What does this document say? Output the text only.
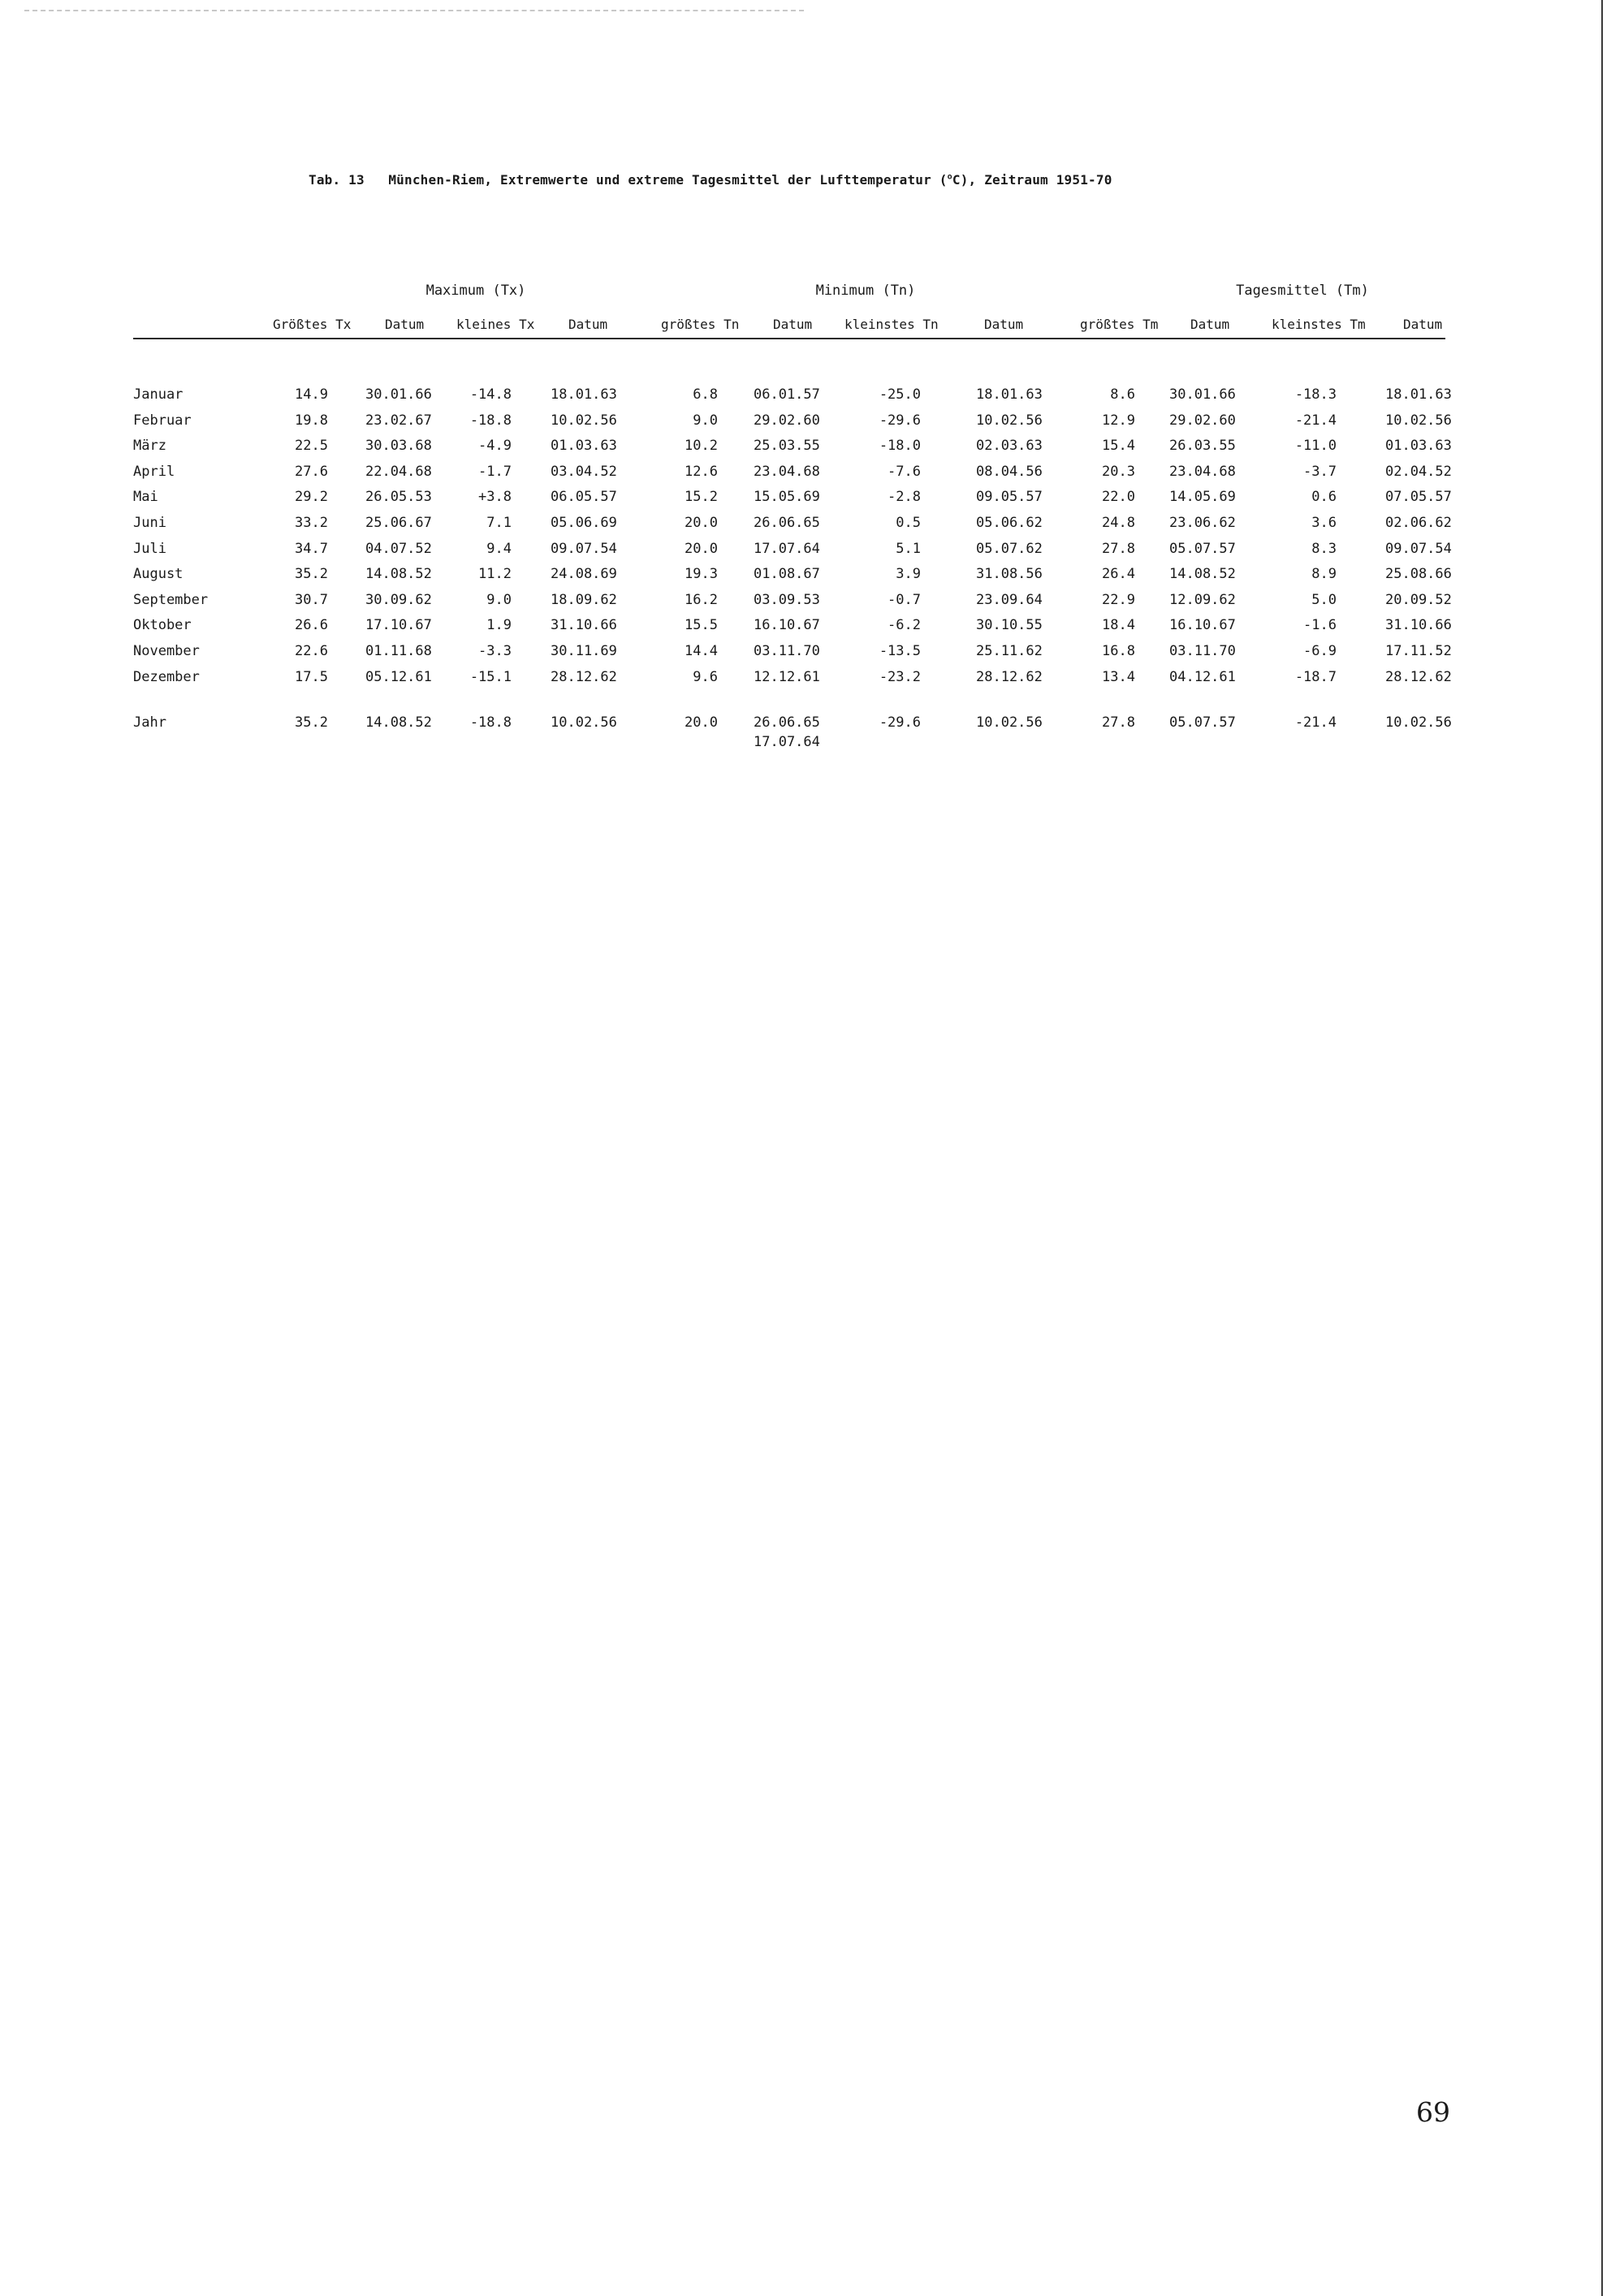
Tab. 13 München-Riem, Extremwerte und extreme Tagesmittel der Lufttemperatur ($^o$C), Zeitraum 1951-70
Maximum (Tx)	Minimum (Tn)	Tagesmittel (Tm)
Größtes Tx	Datum kleines Tx	Datum	größtes Tn	Datum kleinstes Tn	Datum	größtes Tm Datum	kleinstes Tm	Datum
Januar	14.9	30.01.66	-14.8	18.01.63	6.8	06.01.57	-25.0	18.01.63	8.6 30.01.66	-18.3	18.01.63
Februar	19.8	23.02.67	-18.8	10.02.56	9.0	29.02.60	-29.6	10.02.56	12.9 29.02.60	-21.4	10.02.56
März	22.5	30.03.68	-4.9	01.03.63	10.2	25.03.55	-18.0	02.03.63	15.4 26.03.55	-11.0	01.03.63
April	27.6	22.04.68	-1.7	03.04.52	12.6	23.04.68	-7.6	08.04.56	20.3 23.04.68	-3.7	02.04.52
Mai	29.2	26.05.53	+3.8	06.05.57	15.2	15.05.69	-2.8	09.05.57	22.0 14.05.69	0.6	07.05.57
Juni	33.2	25.06.67	7.1	05.06.69	20.0	26.06.65	0.5	05.06.62	24.8 23.06.62	3.6	02.06.62
Juli	34.7	04.07.52	9.4	09.07.54	20.0	17.07.64	5.1	05.07.62	27.8 05.07.57	8.3	09.07.54
August	35.2	14.08.52	11.2	24.08.69	19.3	01.08.67	3.9	31.08.56	26.4 14.08.52	8.9	25.08.66
September	30.7	30.09.62	9.0	18.09.62	16.2	03.09.53	-0.7	23.09.64	22.9 12.09.62	5.0	20.09.52
Oktober	26.6	17.10.67	1.9	31.10.66	15.5	16.10.67	-6.2	30.10.55	18.4 16.10.67	-1.6	31.10.66
November	22.6	01.11.68	-3.3	30.11.69	14.4	03.11.70	-13.5	25.11.62	16.8 03.11.70	-6.9	17.11.52
Dezember	17.5	05.12.61	-15.1	28.12.62	9.6	12.12.61	-23.2	28.12.62	13.4 04.12.61	-18.7	28.12.62
Jahr	35.2	14.08.52	-18.8	10.02.56	20.0	26.06.65	-29.6	10.02.56	27.8 05.07.57	-21.4	10.02.56
17.07.64
69
